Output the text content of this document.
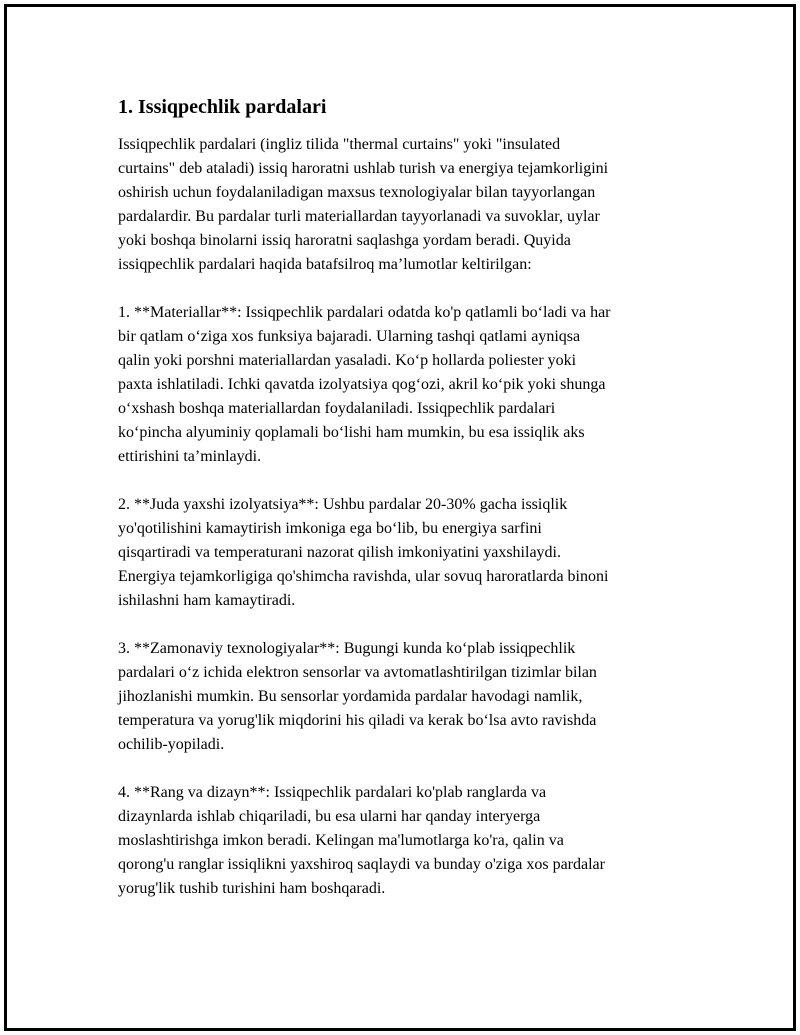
1. Issiqpechlik pardalari
Issiqpechlik pardalari (ingliz tilida "thermal curtains" yoki "insulated
curtains" deb ataladi) issiq haroratni ushlab turish va energiya tejamkorligini
oshirish uchun foydalaniladigan maxsus texnologiyalar bilan tayyorlangan
pardalardir. Bu pardalar turli materiallardan tayyorlanadi va suvoklar, uylar
yoki boshqa binolarni issiq haroratni saqlashga yordam beradi. Quyida
issiqpechlik pardalari haqida batafsilroq ma’lumotlar keltirilgan:
1. **Materiallar**: Issiqpechlik pardalari odatda ko'p qatlamli bo‘ladi va har
bir qatlam o‘ziga xos funksiya bajaradi. Ularning tashqi qatlami ayniqsa
qalin yoki porshni materiallardan yasaladi. Ko‘p hollarda poliester yoki
paxta ishlatiladi. Ichki qavatda izolyatsiya qog‘ozi, akril ko‘pik yoki shunga
o‘xshash boshqa materiallardan foydalaniladi. Issiqpechlik pardalari
ko‘pincha alyuminiy qoplamali bo‘lishi ham mumkin, bu esa issiqlik aks
ettirishini ta’minlaydi.
2. **Juda yaxshi izolyatsiya**: Ushbu pardalar 20-30% gacha issiqlik
yo'qotilishini kamaytirish imkoniga ega bo‘lib, bu energiya sarfini
qisqartiradi va temperaturani nazorat qilish imkoniyatini yaxshilaydi.
Energiya tejamkorligiga qo'shimcha ravishda, ular sovuq haroratlarda binoni
ishilashni ham kamaytiradi.
3. **Zamonaviy texnologiyalar**: Bugungi kunda ko‘plab issiqpechlik
pardalari o‘z ichida elektron sensorlar va avtomatlashtirilgan tizimlar bilan
jihozlanishi mumkin. Bu sensorlar yordamida pardalar havodagi namlik,
temperatura va yorug'lik miqdorini his qiladi va kerak bo‘lsa avto ravishda
ochilib-yopiladi.
4. **Rang va dizayn**: Issiqpechlik pardalari ko'plab ranglarda va
dizaynlarda ishlab chiqariladi, bu esa ularni har qanday interyerga
moslashtirishga imkon beradi. Kelingan ma'lumotlarga ko'ra, qalin va
qorong'u ranglar issiqlikni yaxshiroq saqlaydi va bunday o'ziga xos pardalar
yorug'lik tushib turishini ham boshqaradi.
